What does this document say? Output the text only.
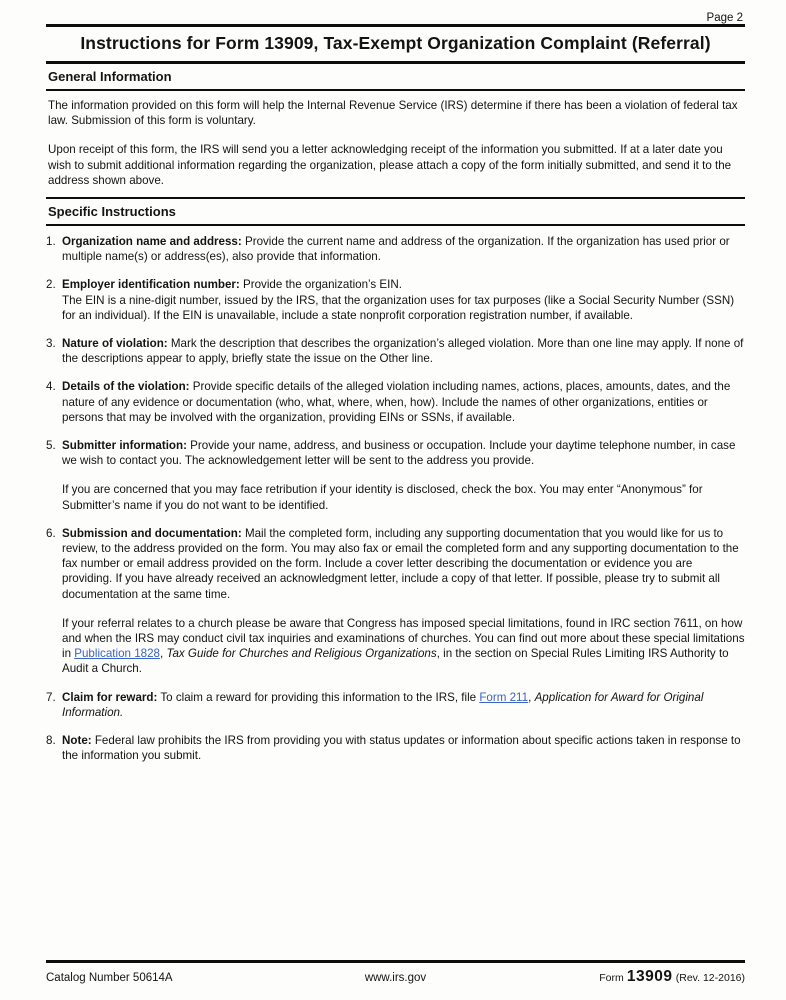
Page 2
Instructions for Form 13909, Tax-Exempt Organization Complaint (Referral)
General Information

The information provided on this form will help the Internal Revenue Service (IRS) determine if there has been a violation of federal tax law. Submission of this form is voluntary.

Upon receipt of this form, the IRS will send you a letter acknowledging receipt of the information you submitted. If at a later date you wish to submit additional information regarding the organization, please attach a copy of the form initially submitted, and send it to the address shown above.

Specific Instructions
1. Organization name and address: Provide the current name and address of the organization. If the organization has used prior or multiple name(s) or address(es), also provide that information.

2. Employer identification number: Provide the organization’s EIN.

The EIN is a nine-digit number, issued by the IRS, that the organization uses for tax purposes (like a Social Security Number (SSN) for an individual). If the EIN is unavailable, include a state nonprofit corporation registration number, if available.

3. Nature of violation: Mark the description that describes the organization’s alleged violation. More than one line may apply. If none of the descriptions appear to apply, briefly state the issue on the Other line.

4. Details of the violation: Provide specific details of the alleged violation including names, actions, places, amounts, dates, and the nature of any evidence or documentation (who, what, where, when, how). Include the names of other organizations, entities or persons that may be involved with the organization, providing EINs or SSNs, if available.

5. Submitter information: Provide your name, address, and business or occupation. Include your daytime telephone number, in case we wish to contact you. The acknowledgement letter will be sent to the address you provide.

If you are concerned that you may face retribution if your identity is disclosed, check the box. You may enter “Anonymous” for Submitter’s name if you do not want to be identified.

6. Submission and documentation: Mail the completed form, including any supporting documentation that you would like for us to review, to the address provided on the form. You may also fax or email the completed form and any supporting documentation to the fax number or email address provided on the form. Include a cover letter describing the documentation or evidence you are providing. If you have already received an acknowledgment letter, include a copy of that letter. If possible, please try to submit all documentation at the same time.

If your referral relates to a church please be aware that Congress has imposed special limitations, found in IRC section 7611, on how and when the IRS may conduct civil tax inquiries and examinations of churches. You can find out more about these special limitations in Publication 1828, Tax Guide for Churches and Religious Organizations, in the section on Special Rules Limiting IRS Authority to Audit a Church.

7. Claim for reward: To claim a reward for providing this information to the IRS, file Form 211, Application for Award for Original Information.

8. Note: Federal law prohibits the IRS from providing you with status updates or information about specific actions taken in response to the information you submit.

Catalog Number 50614A	www.irs.gov	Form 13909 (Rev. 12-2016)
